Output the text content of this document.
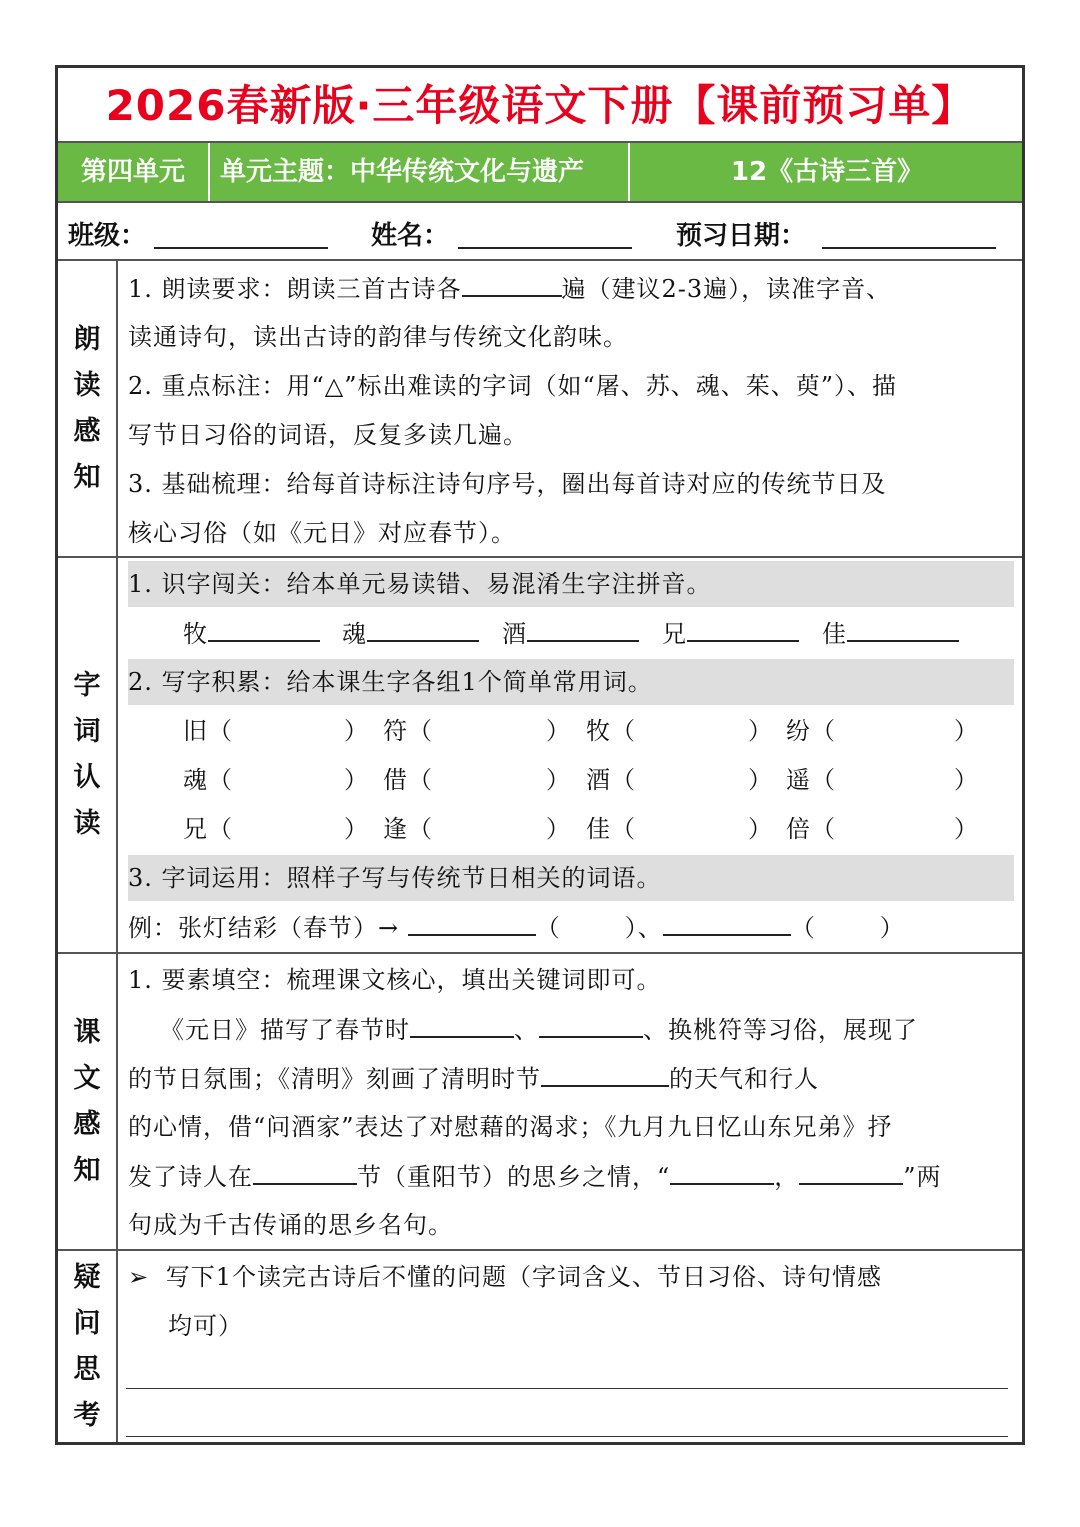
2026春新版·三年级语文下册【课前预习单】
第四单元	单元主题：中华传统文化与遗产	12《古诗三首》
班级：	姓名：	预习日期：
朗
读
感
知
1. 朗读要求：朗读三首古诗各	遍（建议2-3遍），读准字音、
读通诗句，读出古诗的韵律与传统文化韵味。
2. 重点标注：用“△”标出难读的字词（如“屠、苏、魂、茱、萸”）、描
写节日习俗的词语，反复多读几遍。
3. 基础梳理：给每首诗标注诗句序号，圈出每首诗对应的传统节日及
核心习俗（如《元日》对应春节）。
字
词
认
读
1. 识字闯关：给本单元易读错、易混淆生字注拼音。
牧	魂	酒	兄	佳
2. 写字积累：给本课生字各组1个简单常用词。
旧（	） 符（	） 牧（	） 纷（	）
魂（	） 借（	） 酒（	） 遥（	）
兄（	） 逢（	） 佳（	） 倍（	）
3. 字词运用：照样子写与传统节日相关的词语。
例：张灯结彩（春节）→	（	）、	（	）
课
文
感
知
1. 要素填空：梳理课文核心，填出关键词即可。
《元日》描写了春节时	、	、换桃符等习俗，展现了
的节日氛围；《清明》刻画了清明时节	的天气和行人
的心情，借“问酒家”表达了对慰藉的渴求；《九月九日忆山东兄弟》抒
发了诗人在	节（重阳节）的思乡之情，“	，	”两
句成为千古传诵的思乡名句。
疑
问
思
考
➢ 写下1个读完古诗后不懂的问题（字词含义、节日习俗、诗句情感
均可）
